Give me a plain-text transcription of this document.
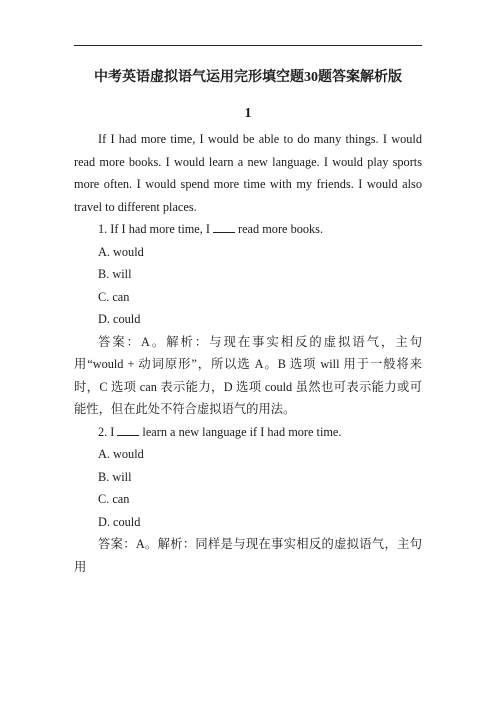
中考英语虚拟语气运用完形填空题30题答案解析版
1

If I had more time, I would be able to do many things. I would read more books. I would learn a new language. I would play sports more often. I would spend more time with my friends. I would also travel to different places.

1. If I had more time, I read more books.

A. would

B. will

C. can

D. could

答案：A。解析：与现在事实相反的虚拟语气，主句用“would + 动词原形”，所以选 A。B 选项 will 用于一般将来时，C 选项 can 表示能力，D 选项 could 虽然也可表示能力或可能性，但在此处不符合虚拟语气的用法。

2. I learn a new language if I had more time.

A. would

B. will

C. can

D. could

答案：A。解析：同样是与现在事实相反的虚拟语气，主句用
